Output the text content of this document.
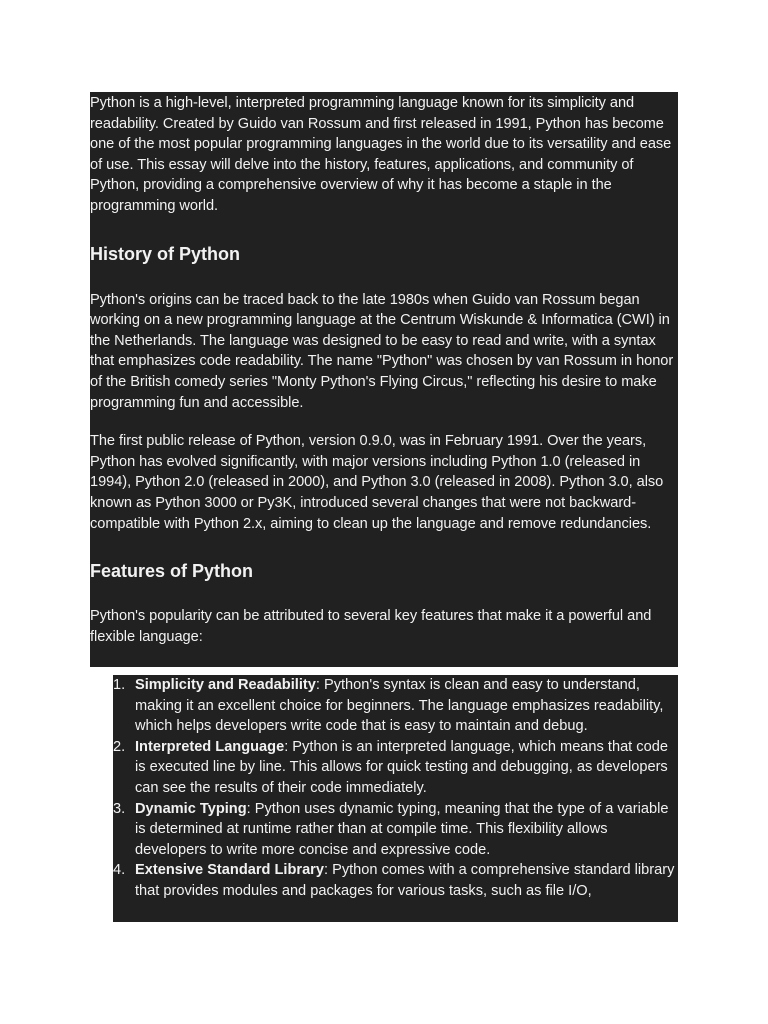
Python is a high-level, interpreted programming language known for its simplicity and readability. Created by Guido van Rossum and first released in 1991, Python has become one of the most popular programming languages in the world due to its versatility and ease of use. This essay will delve into the history, features, applications, and community of Python, providing a comprehensive overview of why it has become a staple in the programming world.

History of Python

Python's origins can be traced back to the late 1980s when Guido van Rossum began working on a new programming language at the Centrum Wiskunde & Informatica (CWI) in the Netherlands. The language was designed to be easy to read and write, with a syntax that emphasizes code readability. The name "Python" was chosen by van Rossum in honor of the British comedy series "Monty Python's Flying Circus," reflecting his desire to make programming fun and accessible.

The first public release of Python, version 0.9.0, was in February 1991. Over the years, Python has evolved significantly, with major versions including Python 1.0 (released in 1994), Python 2.0 (released in 2000), and Python 3.0 (released in 2008). Python 3.0, also known as Python 3000 or Py3K, introduced several changes that were not backward-compatible with Python 2.x, aiming to clean up the language and remove redundancies.

Features of Python

Python's popularity can be attributed to several key features that make it a powerful and flexible language:

1. Simplicity and Readability: Python's syntax is clean and easy to understand, making it an excellent choice for beginners. The language emphasizes readability, which helps developers write code that is easy to maintain and debug.
2. Interpreted Language: Python is an interpreted language, which means that code is executed line by line. This allows for quick testing and debugging, as developers can see the results of their code immediately.
3. Dynamic Typing: Python uses dynamic typing, meaning that the type of a variable is determined at runtime rather than at compile time. This flexibility allows developers to write more concise and expressive code.
4. Extensive Standard Library: Python comes with a comprehensive standard library that provides modules and packages for various tasks, such as file I/O,
